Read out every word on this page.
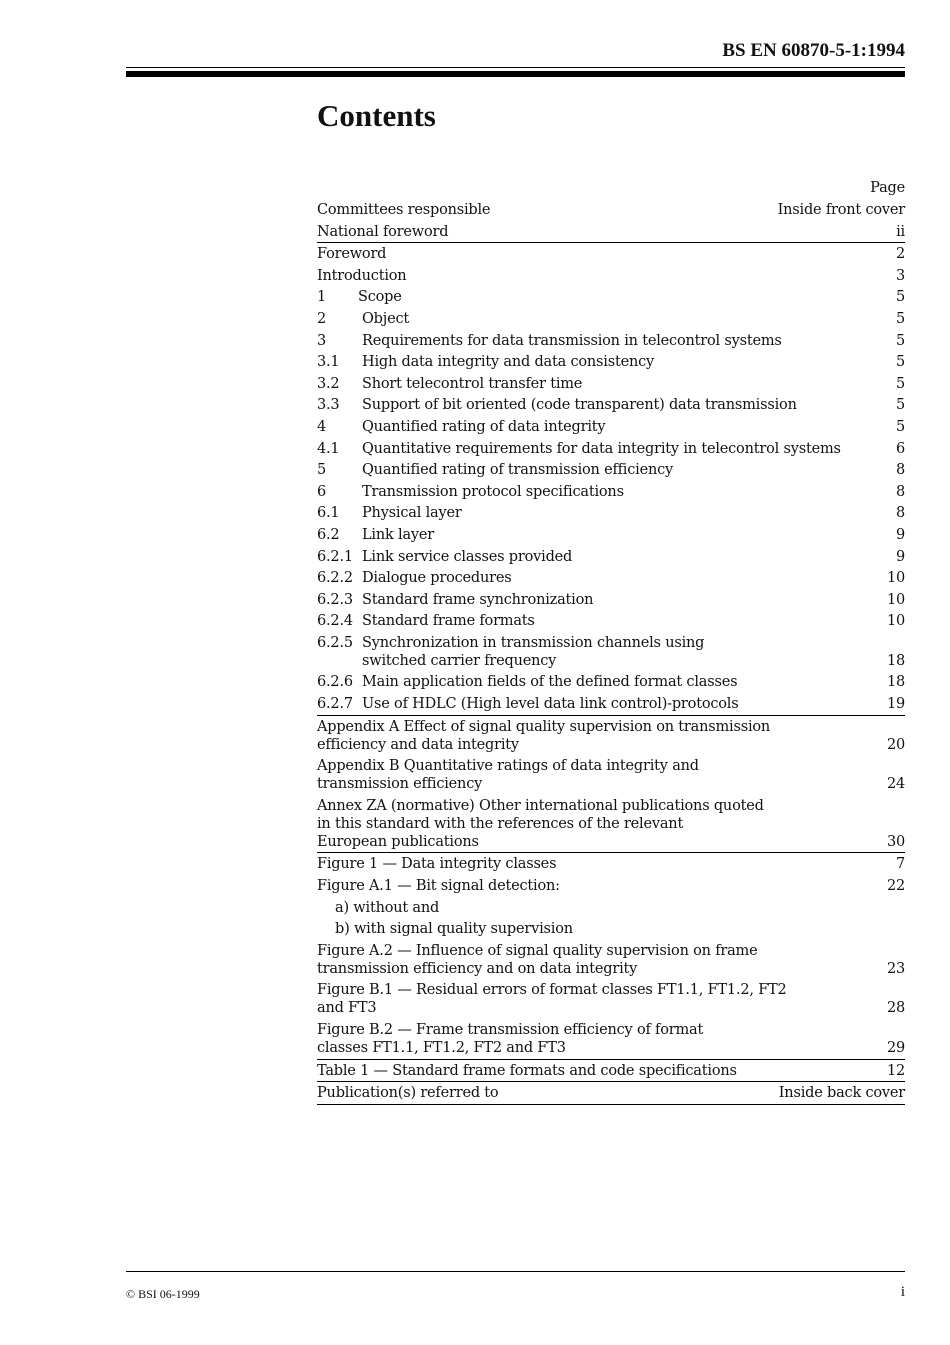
BS EN 60870-5-1:1994
Contents
Page
Committees responsible	Inside front cover
National foreword	ii
Foreword	2
Introduction	3
1	Scope	5
2	Object	5
3	Requirements for data transmission in telecontrol systems	5
3.1	High data integrity and data consistency	5
3.2	Short telecontrol transfer time	5
3.3	Support of bit oriented (code transparent) data transmission	5
4	Quantified rating of data integrity	5
4.1	Quantitative requirements for data integrity in telecontrol systems	6
5	Quantified rating of transmission efficiency	8
6	Transmission protocol specifications	8
6.1	Physical layer	8
6.2	Link layer	9
6.2.1 Link service classes provided	9
6.2.2 Dialogue procedures	10
6.2.3 Standard frame synchronization	10
6.2.4 Standard frame formats	10
6.2.5 Synchronization in transmission channels using
switched carrier frequency	18
6.2.6 Main application fields of the defined format classes	18
6.2.7 Use of HDLC (High level data link control)-protocols	19
Appendix A Effect of signal quality supervision on transmission
efficiency and data integrity	20
Appendix B Quantitative ratings of data integrity and
transmission efficiency	24
Annex ZA (normative) Other international publications quoted
in this standard with the references of the relevant
European publications	30
Figure 1 — Data integrity classes	7
Figure A.1 — Bit signal detection:	22
a) without and
b) with signal quality supervision
Figure A.2 — Influence of signal quality supervision on frame
transmission efficiency and on data integrity	23
Figure B.1 — Residual errors of format classes FT1.1, FT1.2, FT2
and FT3	28
Figure B.2 — Frame transmission efficiency of format
classes FT1.1, FT1.2, FT2 and FT3	29
Table 1 — Standard frame formats and code specifications	12
Publication(s) referred to	Inside back cover
© BSI 06-1999	i
